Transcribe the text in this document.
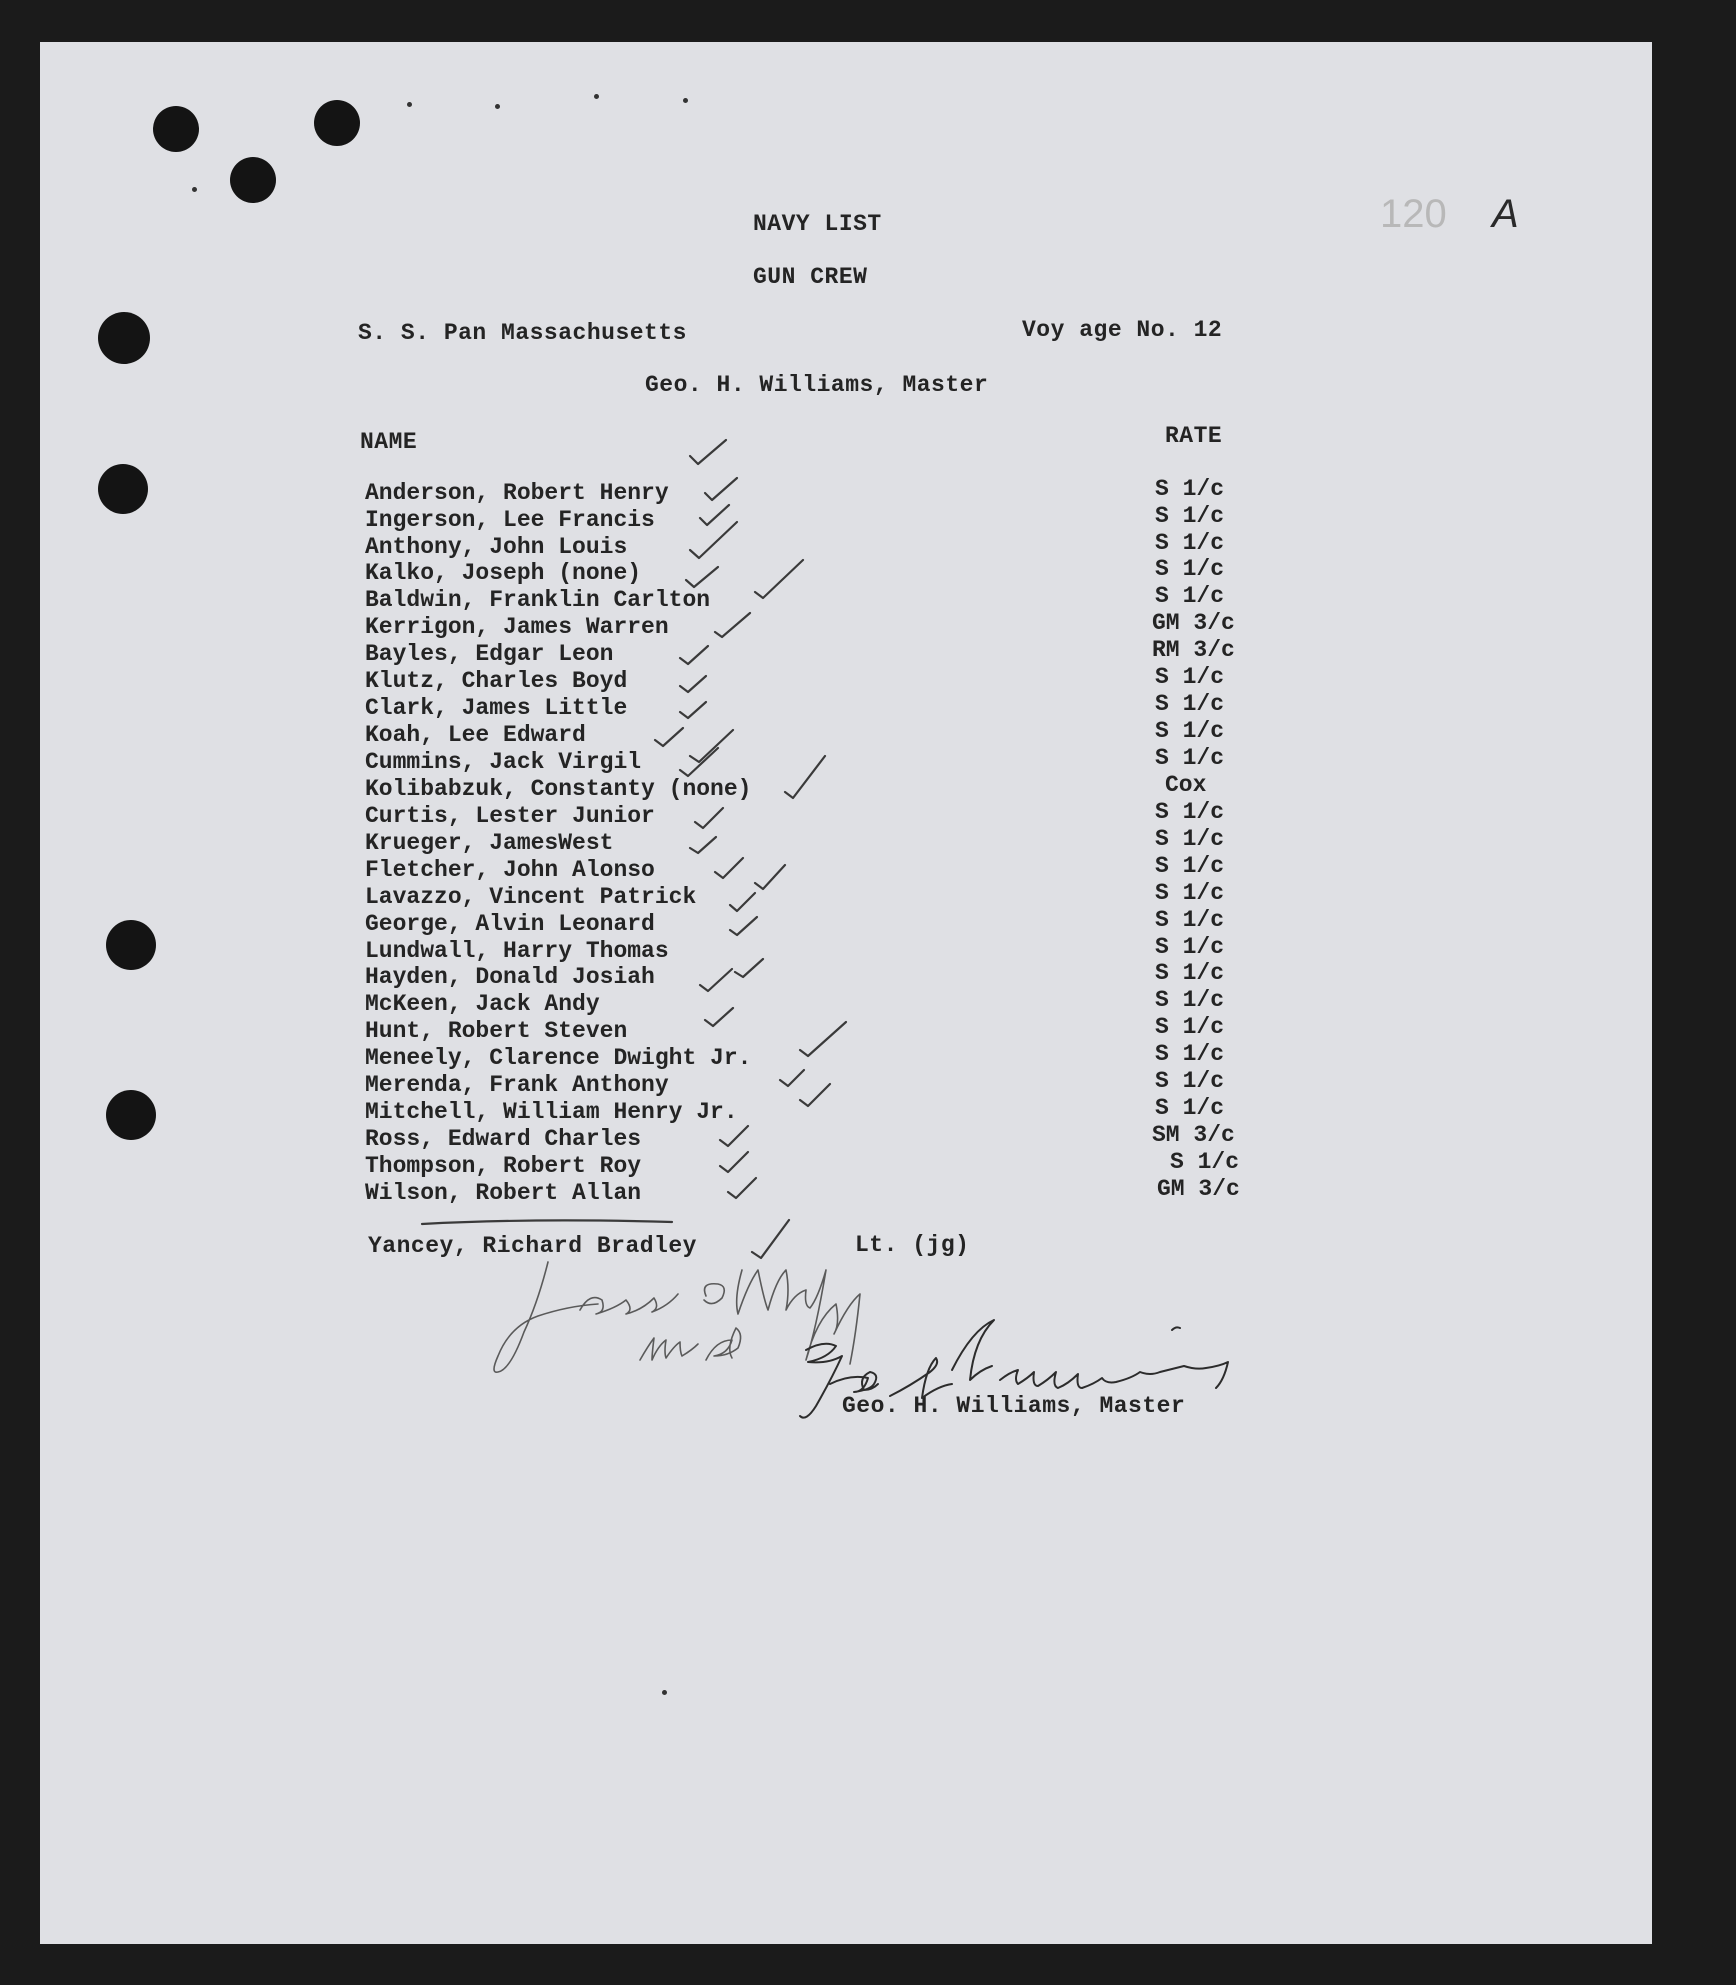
120 A
NAVY LIST
GUN CREW
S. S. Pan Massachusetts	Voy age No. 12
Geo. H. Williams, Master
NAME	RATE
Anderson, Robert Henry	S 1/c
Ingerson, Lee Francis	S 1/c
Anthony, John Louis	S 1/c
Kalko, Joseph (none)	S 1/c
Baldwin, Franklin Carlton	S 1/c
Kerrigon, James Warren	GM 3/c
Bayles, Edgar Leon	RM 3/c
Klutz, Charles Boyd	S 1/c
Clark, James Little	S 1/c
Koah, Lee Edward	S 1/c
Cummins, Jack Virgil	S 1/c
Kolibabzuk, Constanty (none)	Cox
Curtis, Lester Junior	S 1/c
Krueger, JamesWest	S 1/c
Fletcher, John Alonso	S 1/c
Lavazzo, Vincent Patrick	S 1/c
George, Alvin Leonard	S 1/c
Lundwall, Harry Thomas	S 1/c
Hayden, Donald Josiah	S 1/c
McKeen, Jack Andy	S 1/c
Hunt, Robert Steven	S 1/c
Meneely, Clarence Dwight Jr.	S 1/c
Merenda, Frank Anthony	S 1/c
Mitchell, William Henry Jr.	S 1/c
Ross, Edward Charles	SM 3/c
Thompson, Robert Roy	S 1/c
Wilson, Robert Allan	GM 3/c
Yancey, Richard Bradley	Lt. (jg)
Geo. H. Williams, Master
